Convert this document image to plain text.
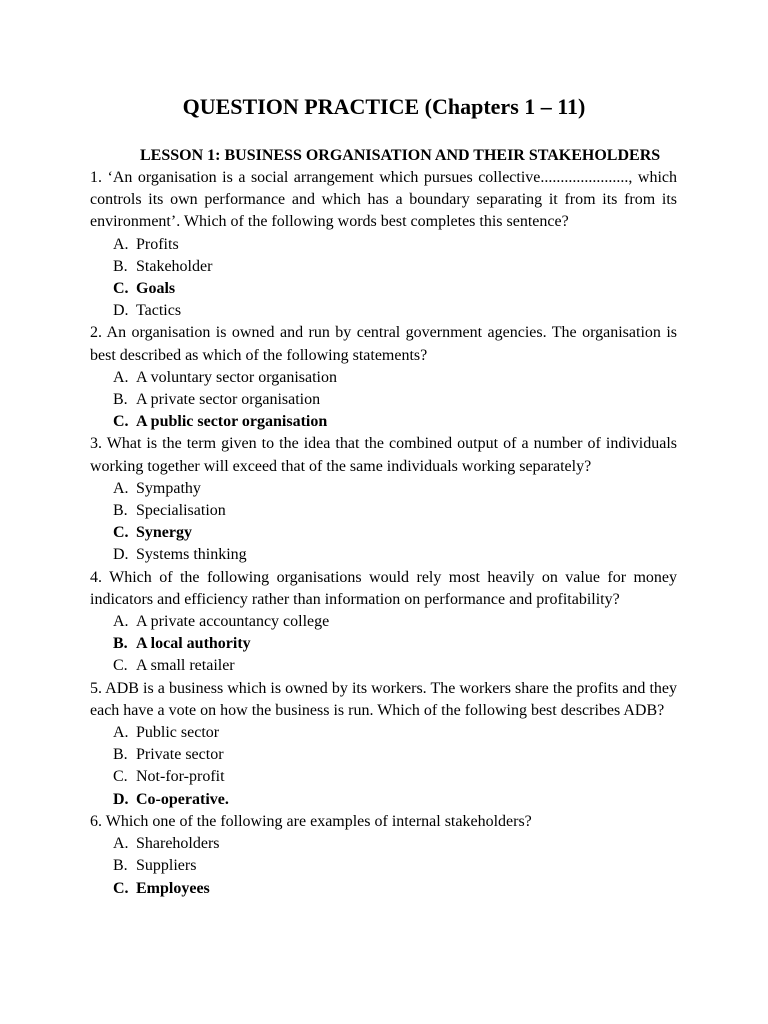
QUESTION PRACTICE (Chapters 1 – 11)
LESSON 1: BUSINESS ORGANISATION AND THEIR STAKEHOLDERS

1. ‘An organisation is a social arrangement which pursues collective......................, which controls its own performance and which has a boundary separating it from its from its environment’. Which of the following words best completes this sentence?

A. Profits
B. Stakeholder
C. Goals
D. Tactics

2. An organisation is owned and run by central government agencies. The organisation is best described as which of the following statements?

A. A voluntary sector organisation
B. A private sector organisation
C. A public sector organisation

3. What is the term given to the idea that the combined output of a number of individuals working together will exceed that of the same individuals working separately?

A. Sympathy
B. Specialisation
C. Synergy
D. Systems thinking

4. Which of the following organisations would rely most heavily on value for money indicators and efficiency rather than information on performance and profitability?

A. A private accountancy college
B. A local authority
C. A small retailer

5. ADB is a business which is owned by its workers. The workers share the profits and they each have a vote on how the business is run. Which of the following best describes ADB?

A. Public sector
B. Private sector
C. Not-for-profit
D. Co-operative.

6. Which one of the following are examples of internal stakeholders?

A. Shareholders
B. Suppliers
C. Employees
